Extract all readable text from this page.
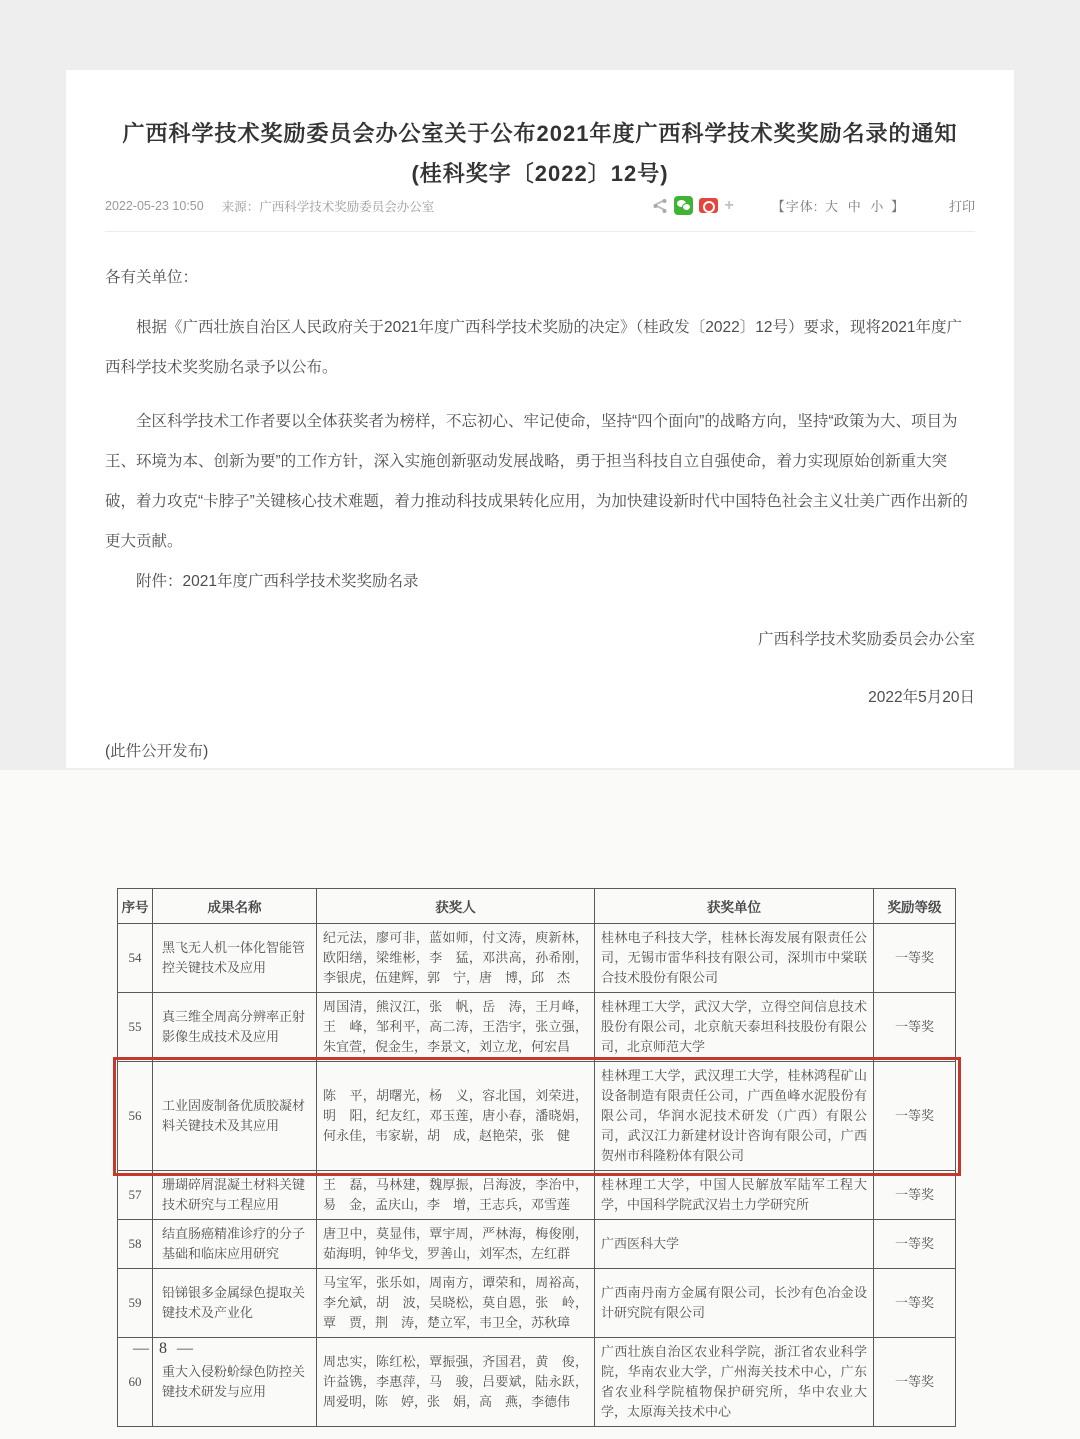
广西科学技术奖励委员会办公室关于公布2021年度广西科学技术奖奖励名录的通知
(桂科奖字〔2022〕12号)
2022-05-23 10:50 来源：广西科学技术奖励委员会办公室	+	【字体: 大 中 小 】	打印
各有关单位：
根据《广西壮族自治区人民政府关于2021年度广西科学技术奖励的决定》（桂政发〔2022〕12号）要求，现将2021年度广西科学技术奖奖励名录予以公布。
全区科学技术工作者要以全体获奖者为榜样，不忘初心、牢记使命，坚持“四个面向”的战略方向，坚持“政策为大、项目为王、环境为本、创新为要”的工作方针，深入实施创新驱动发展战略，勇于担当科技自立自强使命，着力实现原始创新重大突破，着力攻克“卡脖子”关键核心技术难题，着力推动科技成果转化应用，为加快建设新时代中国特色社会主义壮美广西作出新的更大贡献。
附件：2021年度广西科学技术奖奖励名录
广西科学技术奖励委员会办公室
2022年5月20日
(此件公开发布)
序号	成果名称	获奖人	获奖单位	奖励等级
54	黑飞无人机一体化智能管控关键技术及应用	纪元法，廖可非，蓝如师，付文涛，庾新林，欧阳缮，梁维彬，李　猛，邓洪高，孙希刚，李银虎，伍建辉，郭　宁，唐　博，邱　杰	桂林电子科技大学，桂林长海发展有限责任公司，无锡市雷华科技有限公司，深圳市中棠联合技术股份有限公司	一等奖
55	真三维全周高分辨率正射影像生成技术及应用	周国清，熊汉江，张　帆，岳　涛，王月峰，王　峰，邹利平，高二涛，王浩宇，张立强，朱宜萱，倪金生，李景文，刘立龙，何宏昌	桂林理工大学，武汉大学，立得空间信息技术股份有限公司，北京航天泰坦科技股份有限公司，北京师范大学	一等奖
56	工业固废制备优质胶凝材料关键技术及其应用	陈　平，胡曙光，杨　义，容北国，刘荣进，明　阳，纪友红，邓玉莲，唐小春，潘晓娟，何永佳，韦家崭，胡　成，赵艳荣，张　健	桂林理工大学，武汉理工大学，桂林鸿程矿山设备制造有限责任公司，广西鱼峰水泥股份有限公司，华润水泥技术研发（广西）有限公司，武汉江力新建材设计咨询有限公司，广西贺州市科隆粉体有限公司	一等奖
57	珊瑚碎屑混凝土材料关键技术研究与工程应用	王　磊，马林建，魏厚振，吕海波，李治中，易　金，孟庆山，李　增，王志兵，邓雪莲	桂林理工大学，中国人民解放军陆军工程大学，中国科学院武汉岩土力学研究所	一等奖
58	结直肠癌精准诊疗的分子基础和临床应用研究	唐卫中，莫显伟，覃宇周，严林海，梅俊刚，茹海明，钟华戈，罗善山，刘军杰，左红群	广西医科大学	一等奖
59	铅锑银多金属绿色提取关键技术及产业化	马宝军，张乐如，周南方，谭荣和，周裕高，李允斌，胡　波，吴晓松，莫自恩，张　岭，覃　贾，荆　涛，楚立军，韦卫全，苏秋璋	广西南丹南方金属有限公司，长沙有色冶金设计研究院有限公司	一等奖
60	重大入侵粉蚧绿色防控关键技术研发与应用	周忠实，陈红松，覃振强，齐国君，黄　俊，许益镌，李惠萍，马　骏，吕要斌，陆永跃，周爱明，陈　婷，张　娟，高　燕，李德伟	广西壮族自治区农业科学院，浙江省农业科学院，华南农业大学，广州海关技术中心，广东省农业科学院植物保护研究所，华中农业大学，太原海关技术中心	一等奖
— 8 —
